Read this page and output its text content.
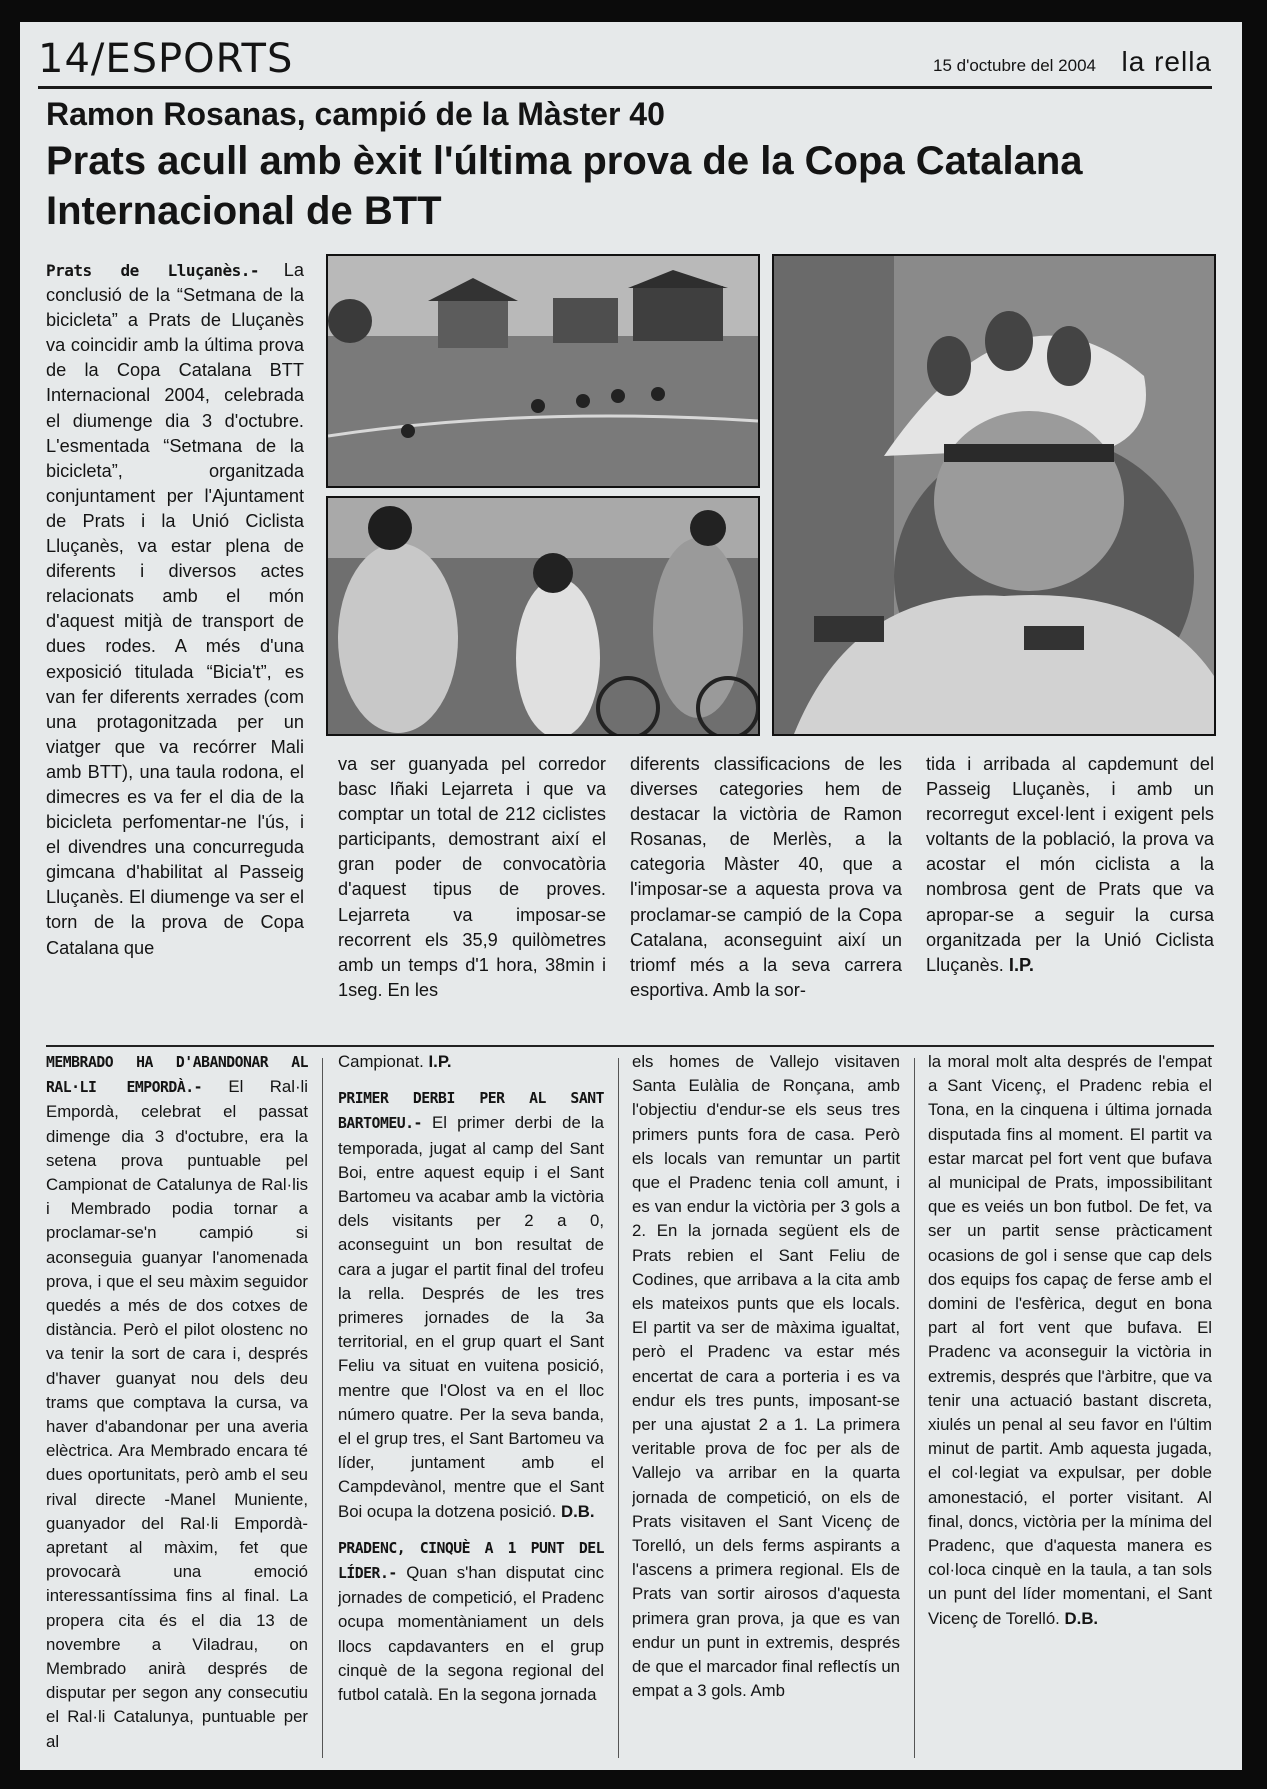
14/ESPORTS	15 d'octubre del 2004 la rella
Ramon Rosanas, campió de la Màster 40
Prats acull amb èxit l'última prova de la Copa Catalana Internacional de BTT

Prats de Lluçanès.- La conclusió de la “Setmana de la bicicleta” a Prats de Lluçanès va coincidir amb la última prova de la Copa Catalana BTT Internacional 2004, celebrada el diumenge dia 3 d'octubre. L'esmentada “Setmana de la bicicleta”, organitzada conjuntament per l'Ajuntament de Prats i la Unió Ciclista Lluçanès, va estar plena de diferents i diversos actes relacionats amb el món d'aquest mitjà de transport de dues rodes. A més d'una exposició titulada “Bicia't”, es van fer diferents xerrades (com una protagonitzada per un viatger que va recórrer Mali amb BTT), una taula rodona, el dimecres es va fer el dia de la bicicleta perfomentar-ne l'ús, i el divendres una concurreguda gimcana d'habilitat al Passeig Lluçanès. El diumenge va ser el torn de la prova de Copa Catalana que

va ser guanyada pel corredor basc Iñaki Lejarreta i que va comptar un total de 212 ciclistes participants, demostrant així el gran poder de convocatòria d'aquest tipus de proves. Lejarreta va imposar-se recorrent els 35,9 quilòmetres amb un temps d'1 hora, 38min i 1seg. En les

diferents classificacions de les diverses categories hem de destacar la victòria de Ramon Rosanas, de Merlès, a la categoria Màster 40, que a l'imposar-se a aquesta prova va proclamar-se campió de la Copa Catalana, aconseguint així un triomf més a la seva carrera esportiva. Amb la sor-

tida i arribada al capdemunt del Passeig Lluçanès, i amb un recorregut excel·lent i exigent pels voltants de la població, la prova va acostar el món ciclista a la nombrosa gent de Prats que va apropar-se a seguir la cursa organitzada per la Unió Ciclista Lluçanès. I.P.

MEMBRADO HA D'ABANDONAR AL RAL·LI EMPORDÀ.- El Ral·li Empordà, celebrat el passat dimenge dia 3 d'octubre, era la setena prova puntuable pel Campionat de Catalunya de Ral·lis i Membrado podia tornar a proclamar-se'n campió si aconseguia guanyar l'anomenada prova, i que el seu màxim seguidor quedés a més de dos cotxes de distància. Però el pilot olostenc no va tenir la sort de cara i, després d'haver guanyat nou dels deu trams que comptava la cursa, va haver d'abandonar per una averia elèctrica. Ara Membrado encara té dues oportunitats, però amb el seu rival directe -Manel Muniente, guanyador del Ral·li Empordà- apretant al màxim, fet que provocarà una emoció interessantíssima fins al final. La propera cita és el dia 13 de novembre a Viladrau, on Membrado anirà després de disputar per segon any consecutiu el Ral·li Catalunya, puntuable per al

Campionat. I.P.

PRIMER DERBI PER AL SANT BARTOMEU.- El primer derbi de la temporada, jugat al camp del Sant Boi, entre aquest equip i el Sant Bartomeu va acabar amb la victòria dels visitants per 2 a 0, aconseguint un bon resultat de cara a jugar el partit final del trofeu la rella. Després de les tres primeres jornades de la 3a territorial, en el grup quart el Sant Feliu va situat en vuitena posició, mentre que l'Olost va en el lloc número quatre. Per la seva banda, el el grup tres, el Sant Bartomeu va líder, juntament amb el Campdevànol, mentre que el Sant Boi ocupa la dotzena posició. D.B.

PRADENC, CINQUÈ A 1 PUNT DEL LÍDER.- Quan s'han disputat cinc jornades de competició, el Pradenc ocupa momentàniament un dels llocs capdavanters en el grup cinquè de la segona regional del futbol català. En la segona jornada

els homes de Vallejo visitaven Santa Eulàlia de Ronçana, amb l'objectiu d'endur-se els seus tres primers punts fora de casa. Però els locals van remuntar un partit que el Pradenc tenia coll amunt, i es van endur la victòria per 3 gols a 2. En la jornada següent els de Prats rebien el Sant Feliu de Codines, que arribava a la cita amb els mateixos punts que els locals. El partit va ser de màxima igualtat, però el Pradenc va estar més encertat de cara a porteria i es va endur els tres punts, imposant-se per una ajustat 2 a 1. La primera veritable prova de foc per als de Vallejo va arribar en la quarta jornada de competició, on els de Prats visitaven el Sant Vicenç de Torelló, un dels ferms aspirants a l'ascens a primera regional. Els de Prats van sortir airosos d'aquesta primera gran prova, ja que es van endur un punt in extremis, després de que el marcador final reflectís un empat a 3 gols. Amb

la moral molt alta després de l'empat a Sant Vicenç, el Pradenc rebia el Tona, en la cinquena i última jornada disputada fins al moment. El partit va estar marcat pel fort vent que bufava al municipal de Prats, impossibilitant que es veiés un bon futbol. De fet, va ser un partit sense pràcticament ocasions de gol i sense que cap dels dos equips fos capaç de ferse amb el domini de l'esfèrica, degut en bona part al fort vent que bufava. El Pradenc va aconseguir la victòria in extremis, després que l'àrbitre, que va tenir una actuació bastant discreta, xiulés un penal al seu favor en l'últim minut de partit. Amb aquesta jugada, el col·legiat va expulsar, per doble amonestació, el porter visitant. Al final, doncs, victòria per la mínima del Pradenc, que d'aquesta manera es col·loca cinquè en la taula, a tan sols un punt del líder momentani, el Sant Vicenç de Torelló. D.B.
